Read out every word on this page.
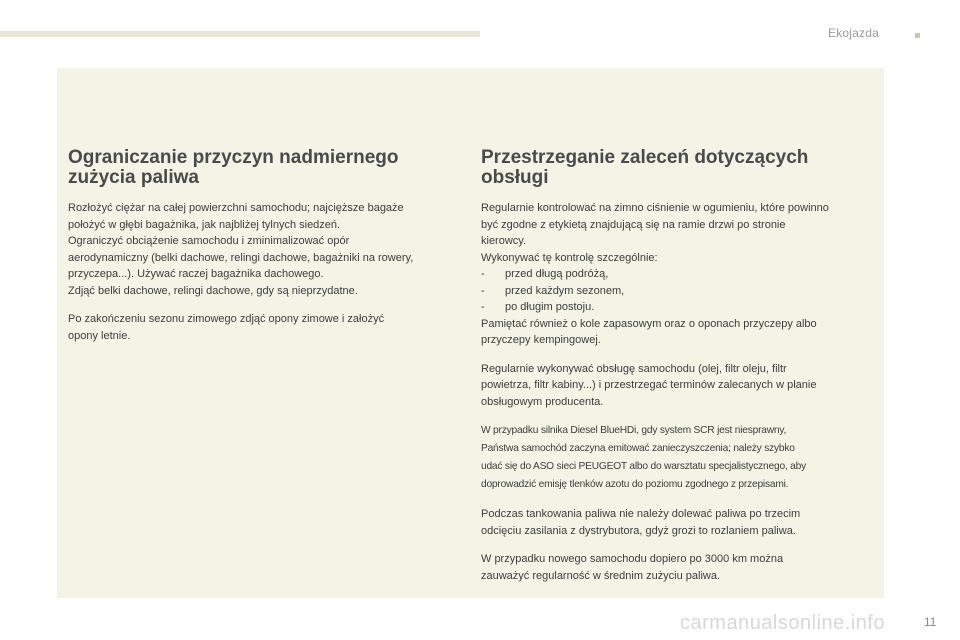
Ekojazda
Ograniczanie przyczyn nadmiernego
zużycia paliwa

Rozłożyć ciężar na całej powierzchni samochodu; najcięższe bagaże
położyć w głębi bagażnika, jak najbliżej tylnych siedzeń.
Ograniczyć obciążenie samochodu i zminimalizować opór
aerodynamiczny (belki dachowe, relingi dachowe, bagażniki na rowery,
przyczepa...). Używać raczej bagażnika dachowego.
Zdjąć belki dachowe, relingi dachowe, gdy są nieprzydatne.

Po zakończeniu sezonu zimowego zdjąć opony zimowe i założyć
opony letnie.

Przestrzeganie zaleceń dotyczących
obsługi

Regularnie kontrolować na zimno ciśnienie w ogumieniu, które powinno
być zgodne z etykietą znajdującą się na ramie drzwi po stronie
kierowcy.
Wykonywać tę kontrolę szczególnie:

- przed długą podróżą,
- przed każdym sezonem,
- po długim postoju.

Pamiętać również o kole zapasowym oraz o oponach przyczepy albo
przyczepy kempingowej.

Regularnie wykonywać obsługę samochodu (olej, filtr oleju, filtr
powietrza, filtr kabiny...) i przestrzegać terminów zalecanych w planie
obsługowym producenta.

W przypadku silnika Diesel BlueHDi, gdy system SCR jest niesprawny,
Państwa samochód zaczyna emitować zanieczyszczenia; należy szybko
udać się do ASO sieci PEUGEOT albo do warsztatu specjalistycznego, aby
doprowadzić emisję tlenków azotu do poziomu zgodnego z przepisami.

Podczas tankowania paliwa nie należy dolewać paliwa po trzecim
odcięciu zasilania z dystrybutora, gdyż grozi to rozlaniem paliwa.

W przypadku nowego samochodu dopiero po 3000 km można
zauważyć regularność w średnim zużyciu paliwa.

carmanualsonline.info	11
